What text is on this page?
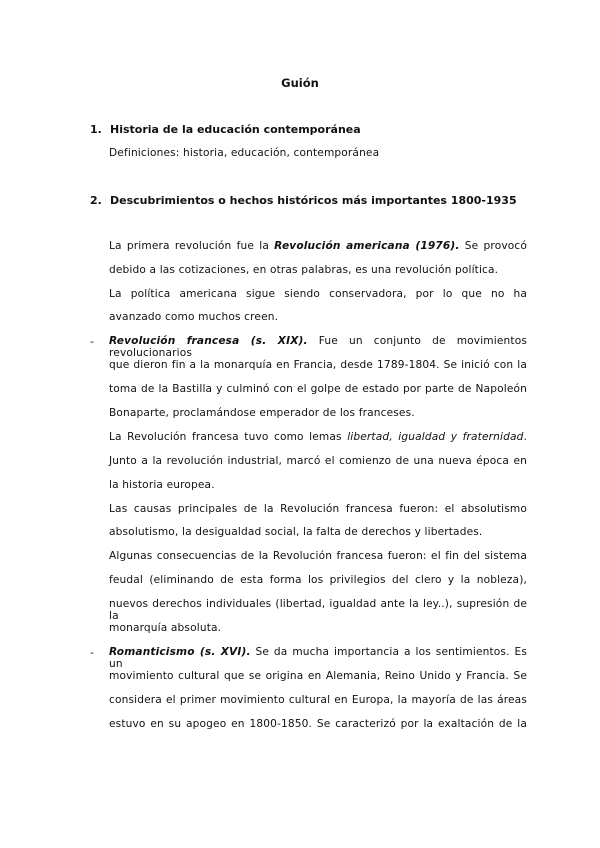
Guión
1. Historia de la educación contemporánea
Definiciones: historia, educación, contemporánea
2. Descubrimientos o hechos históricos más importantes 1800-1935
La primera revolución fue la Revolución americana (1976). Se provocó
debido a las cotizaciones, en otras palabras, es una revolución política.
La política americana sigue siendo conservadora, por lo que no ha
avanzado como muchos creen.
- Revolución francesa (s. XIX). Fue un conjunto de movimientos revolucionarios
que dieron fin a la monarquía en Francia, desde 1789-1804. Se inició con la
toma de la Bastilla y culminó con el golpe de estado por parte de Napoleón
Bonaparte, proclamándose emperador de los franceses.
La Revolución francesa tuvo como lemas libertad, igualdad y fraternidad.
Junto a la revolución industrial, marcó el comienzo de una nueva época en
la historia europea.
Las causas principales de la Revolución francesa fueron: el absolutismo
absolutismo, la desigualdad social, la falta de derechos y libertades.
Algunas consecuencias de la Revolución francesa fueron: el fin del sistema
feudal (eliminando de esta forma los privilegios del clero y la nobleza),
nuevos derechos individuales (libertad, igualdad ante la ley..), supresión de la
monarquía absoluta.
- Romanticismo (s. XVI). Se da mucha importancia a los sentimientos. Es un
movimiento cultural que se origina en Alemania, Reino Unido y Francia. Se
considera el primer movimiento cultural en Europa, la mayoría de las áreas
estuvo en su apogeo en 1800-1850. Se caracterizó por la exaltación de la
